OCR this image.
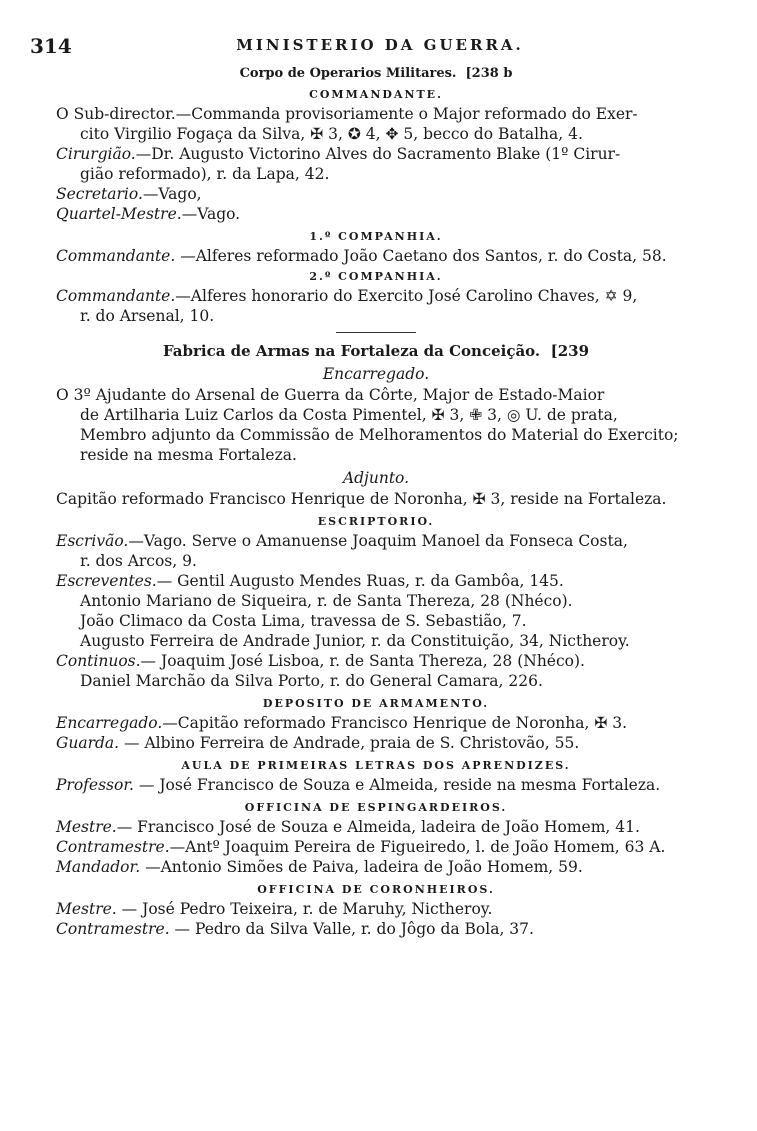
314	MINISTERIO DA GUERRA.
Corpo de Operarios Militares. [238 b
COMMANDANTE.
O Sub-director.—Commanda provisoriamente o Major reformado do Exer-
cito Virgilio Fogaça da Silva, ✠ 3, ✪ 4, ✥ 5, becco do Batalha, 4.
Cirurgião.—Dr. Augusto Victorino Alves do Sacramento Blake (1º Cirur-
gião reformado), r. da Lapa, 42.
Secretario.—Vago,
Quartel-Mestre.—Vago.
1.º COMPANHIA.
Commandante. —Alferes reformado João Caetano dos Santos, r. do Costa, 58.
2.º COMPANHIA.
Commandante.—Alferes honorario do Exercito José Carolino Chaves, ✡ 9,
r. do Arsenal, 10.
Fabrica de Armas na Fortaleza da Conceição. [239
Encarregado.
O 3º Ajudante do Arsenal de Guerra da Côrte, Major de Estado-Maior
de Artilharia Luiz Carlos da Costa Pimentel, ✠ 3, ✙ 3, ◎ U. de prata,
Membro adjunto da Commissão de Melhoramentos do Material do Exercito;
reside na mesma Fortaleza.
Adjunto.
Capitão reformado Francisco Henrique de Noronha, ✠ 3, reside na Fortaleza.
ESCRIPTORIO.
Escrivão.—Vago. Serve o Amanuense Joaquim Manoel da Fonseca Costa,
r. dos Arcos, 9.
Escreventes.— Gentil Augusto Mendes Ruas, r. da Gambôa, 145.
Antonio Mariano de Siqueira, r. de Santa Thereza, 28 (Nhéco).
João Climaco da Costa Lima, travessa de S. Sebastião, 7.
Augusto Ferreira de Andrade Junior, r. da Constituição, 34, Nictheroy.
Continuos.— Joaquim José Lisboa, r. de Santa Thereza, 28 (Nhéco).
Daniel Marchão da Silva Porto, r. do General Camara, 226.
DEPOSITO DE ARMAMENTO.
Encarregado.—Capitão reformado Francisco Henrique de Noronha, ✠ 3.
Guarda. — Albino Ferreira de Andrade, praia de S. Christovão, 55.
AULA DE PRIMEIRAS LETRAS DOS APRENDIZES.
Professor. — José Francisco de Souza e Almeida, reside na mesma Fortaleza.
OFFICINA DE ESPINGARDEIROS.
Mestre.— Francisco José de Souza e Almeida, ladeira de João Homem, 41.
Contramestre.—Antº Joaquim Pereira de Figueiredo, l. de João Homem, 63 A.
Mandador. —Antonio Simões de Paiva, ladeira de João Homem, 59.
OFFICINA DE CORONHEIROS.
Mestre. — José Pedro Teixeira, r. de Maruhy, Nictheroy.
Contramestre. — Pedro da Silva Valle, r. do Jôgo da Bola, 37.
